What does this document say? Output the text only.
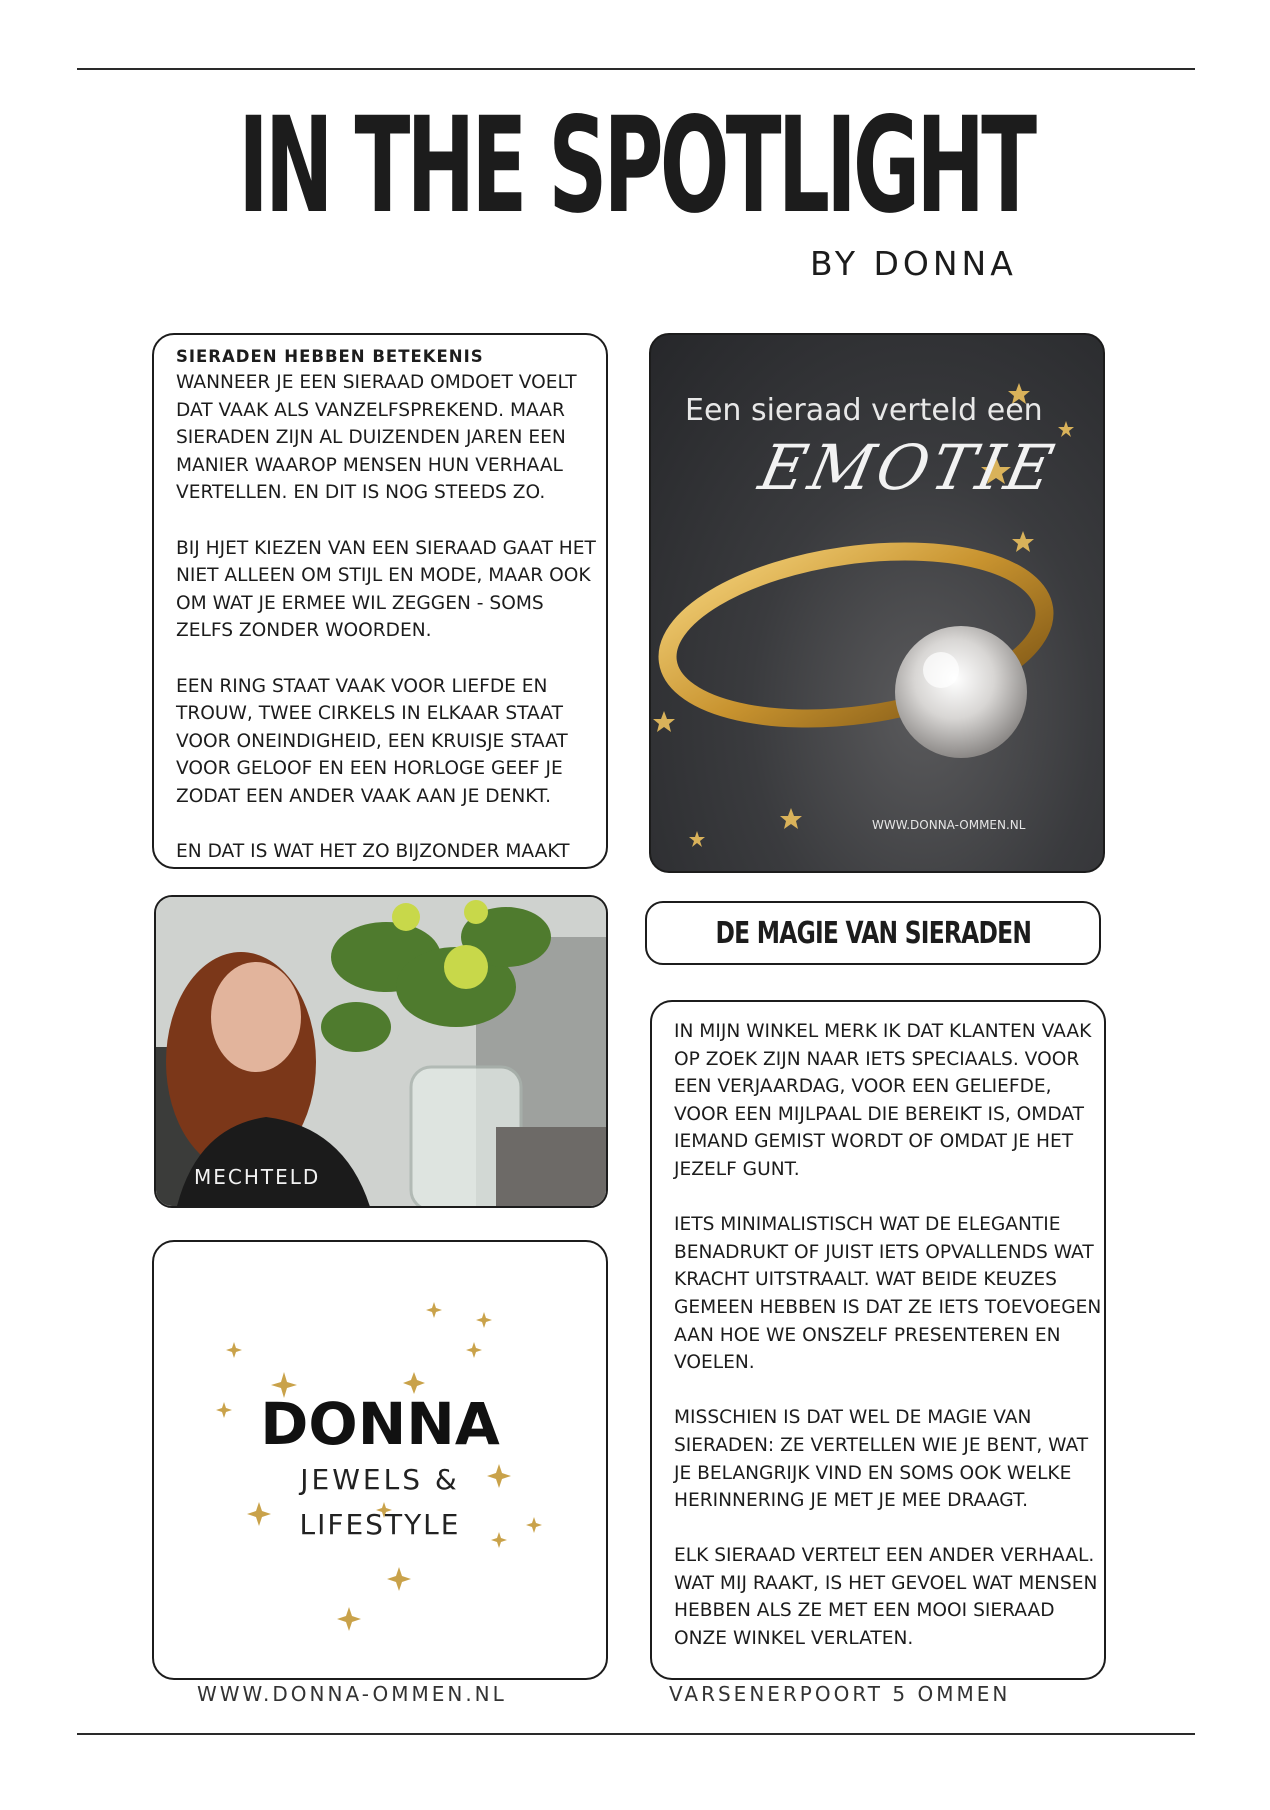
IN THE SPOTLIGHT
BY DONNA
SIERADEN HEBBEN BETEKENIS

WANNEER JE EEN SIERAAD OMDOET VOELT DAT VAAK ALS VANZELFSPREKEND. MAAR SIERADEN ZIJN AL DUIZENDEN JAREN EEN MANIER WAAROP MENSEN HUN VERHAAL VERTELLEN. EN DIT IS NOG STEEDS ZO.

BIJ HJET KIEZEN VAN EEN SIERAAD GAAT HET NIET ALLEEN OM STIJL EN MODE, MAAR OOK OM WAT JE ERMEE WIL ZEGGEN - SOMS ZELFS ZONDER WOORDEN.

EEN RING STAAT VAAK VOOR LIEFDE EN TROUW, TWEE CIRKELS IN ELKAAR STAAT VOOR ONEINDIGHEID, EEN KRUISJE STAAT VOOR GELOOF EN EEN HORLOGE GEEF JE ZODAT EEN ANDER VAAK AAN JE DENKT.

EN DAT IS WAT HET ZO BIJZONDER MAAKT

Een sieraad verteld een
EMOTIE
WWW.DONNA-OMMEN.NL
MECHTELD
DONNA
JEWELS &
LIFESTYLE
DE MAGIE VAN SIERADEN

IN MIJN WINKEL MERK IK DAT KLANTEN VAAK OP ZOEK ZIJN NAAR IETS SPECIAALS. VOOR EEN VERJAARDAG, VOOR EEN GELIEFDE, VOOR EEN MIJLPAAL DIE BEREIKT IS, OMDAT IEMAND GEMIST WORDT OF OMDAT JE HET JEZELF GUNT.

IETS MINIMALISTISCH WAT DE ELEGANTIE BENADRUKT OF JUIST IETS OPVALLENDS WAT KRACHT UITSTRAALT. WAT BEIDE KEUZES GEMEEN HEBBEN IS DAT ZE IETS TOEVOEGEN AAN HOE WE ONSZELF PRESENTEREN EN VOELEN.

MISSCHIEN IS DAT WEL DE MAGIE VAN SIERADEN: ZE VERTELLEN WIE JE BENT, WAT JE BELANGRIJK VIND EN SOMS OOK WELKE HERINNERING JE MET JE MEE DRAAGT.

ELK SIERAAD VERTELT EEN ANDER VERHAAL. WAT MIJ RAAKT, IS HET GEVOEL WAT MENSEN HEBBEN ALS ZE MET EEN MOOI SIERAAD ONZE WINKEL VERLATEN.

WWW.DONNA-OMMEN.NL	VARSENERPOORT 5 OMMEN
